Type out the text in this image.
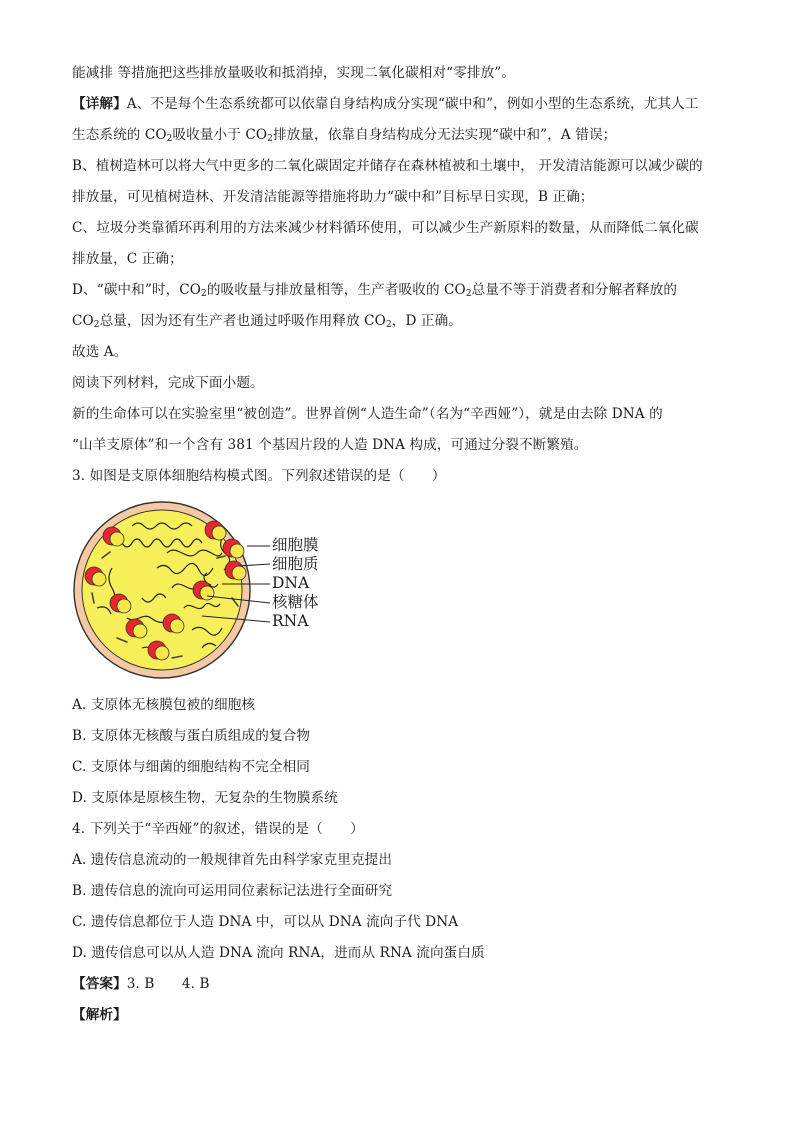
能减排 等措施把这些排放量吸收和抵消掉，实现二氧化碳相对“零排放”。

【详解】A、不是每个生态系统都可以依靠自身结构成分实现“碳中和”，例如小型的生态系统，尤其人工

生态系统的 $CO_2$吸收量小于 $CO_2$排放量，依靠自身结构成分无法实现“碳中和”，A 错误；

B、植树造林可以将大气中更多的二氧化碳固定并储存在森林植被和土壤中， 开发清洁能源可以减少碳的

排放量，可见植树造林、开发清洁能源等措施将助力“碳中和”目标早日实现，B 正确；

C、垃圾分类靠循环再利用的方法来减少材料循环使用，可以减少生产新原料的数量，从而降低二氧化碳

排放量，C 正确；

D、“碳中和”时，$CO_2$的吸收量与排放量相等，生产者吸收的 $CO_2$总量不等于消费者和分解者释放的

$CO_2$总量，因为还有生产者也通过呼吸作用释放 $CO_2$，D 正确。

故选 A。

阅读下列材料，完成下面小题。

新的生命体可以在实验室里“被创造”。世界首例“人造生命”（名为“辛西娅”），就是由去除 DNA 的

“山羊支原体”和一个含有 381 个基因片段的人造 DNA 构成，可通过分裂不断繁殖。

3. 如图是支原体细胞结构模式图。下列叙述错误的是（　　）

细胞膜
细胞质
DNA
核糖体
RNA

A. 支原体无核膜包被的细胞核

B. 支原体无核酸与蛋白质组成的复合物

C. 支原体与细菌的细胞结构不完全相同

D. 支原体是原核生物，无复杂的生物膜系统

4. 下列关于“辛西娅”的叙述，错误的是（　　）

A. 遗传信息流动的一般规律首先由科学家克里克提出

B. 遗传信息的流向可运用同位素标记法进行全面研究

C. 遗传信息都位于人造 DNA 中，可以从 DNA 流向子代 DNA

D. 遗传信息可以从人造 DNA 流向 RNA，进而从 RNA 流向蛋白质

【答案】3. B　　4. B

【解析】
